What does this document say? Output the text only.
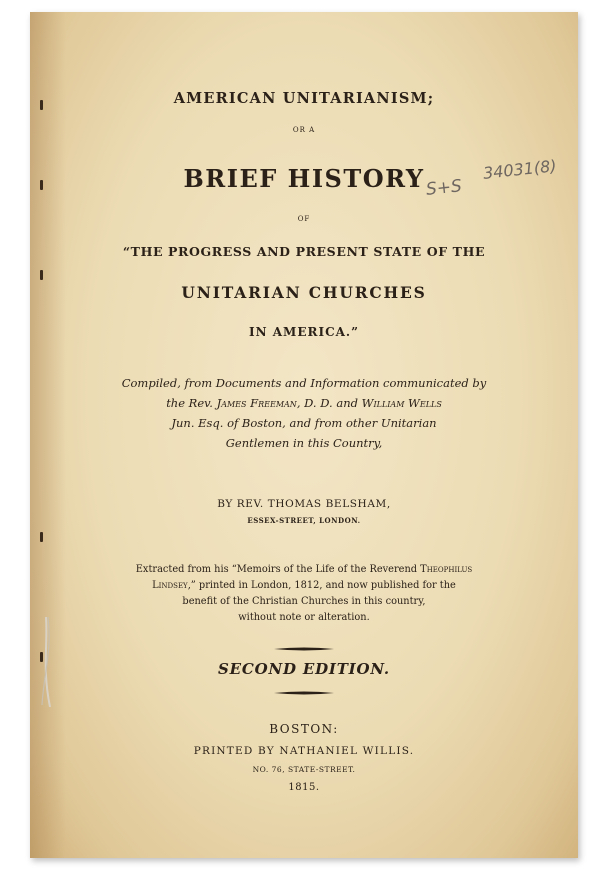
S+S
34031(8)
AMERICAN UNITARIANISM;
OR A
BRIEF HISTORY
OF
“THE PROGRESS AND PRESENT STATE OF THE
UNITARIAN CHURCHES
IN AMERICA.”
Compiled, from Documents and Information communicated by
the Rev. James Freeman, D. D. and William Wells
Jun. Esq. of Boston, and from other Unitarian
Gentlemen in this Country,
BY REV. THOMAS BELSHAM,
ESSEX-STREET, LONDON.
Extracted from his “Memoirs of the Life of the Reverend Theophilus
Lindsey,” printed in London, 1812, and now published for the
benefit of the Christian Churches in this country,
without note or alteration.
SECOND EDITION.
BOSTON:
PRINTED BY NATHANIEL WILLIS.
NO. 76, STATE-STREET.
1815.
